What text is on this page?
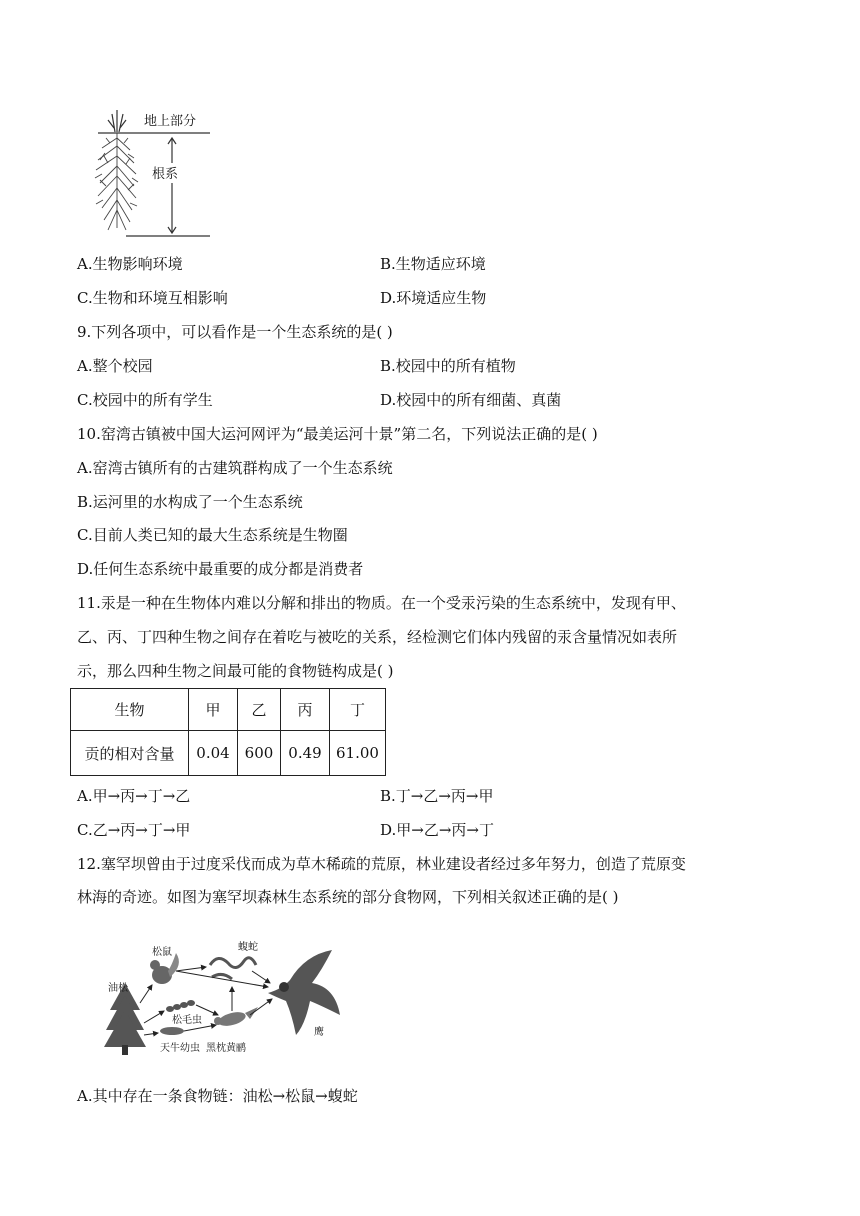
地上部分
根系
A.生物影响环境	B.生物适应环境
C.生物和环境互相影响	D.环境适应生物
9.下列各项中，可以看作是一个生态系统的是( )
A.整个校园	B.校园中的所有植物
C.校园中的所有学生	D.校园中的所有细菌、真菌
10.窑湾古镇被中国大运河网评为“最美运河十景”第二名，下列说法正确的是( )
A.窑湾古镇所有的古建筑群构成了一个生态系统
B.运河里的水构成了一个生态系统
C.目前人类已知的最大生态系统是生物圈
D.任何生态系统中最重要的成分都是消费者
11.汞是一种在生物体内难以分解和排出的物质。在一个受汞污染的生态系统中，发现有甲、
乙、丙、丁四种生物之间存在着吃与被吃的关系，经检测它们体内残留的汞含量情况如表所
示，那么四种生物之间最可能的食物链构成是( )
生物	甲	乙	丙	丁
贡的相对含量	0.04	600	0.49	61.00
A.甲→丙→丁→乙	B.丁→乙→丙→甲
C.乙→丙→丁→甲	D.甲→乙→丙→丁
12.塞罕坝曾由于过度采伐而成为草木稀疏的荒原，林业建设者经过多年努力，创造了荒原变
林海的奇迹。如图为塞罕坝森林生态系统的部分食物网，下列相关叙述正确的是( )
油松
松鼠	蝮蛇
松毛虫
天牛幼虫 黑枕黄鹂
鹰
A.其中存在一条食物链：油松→松鼠→蝮蛇
